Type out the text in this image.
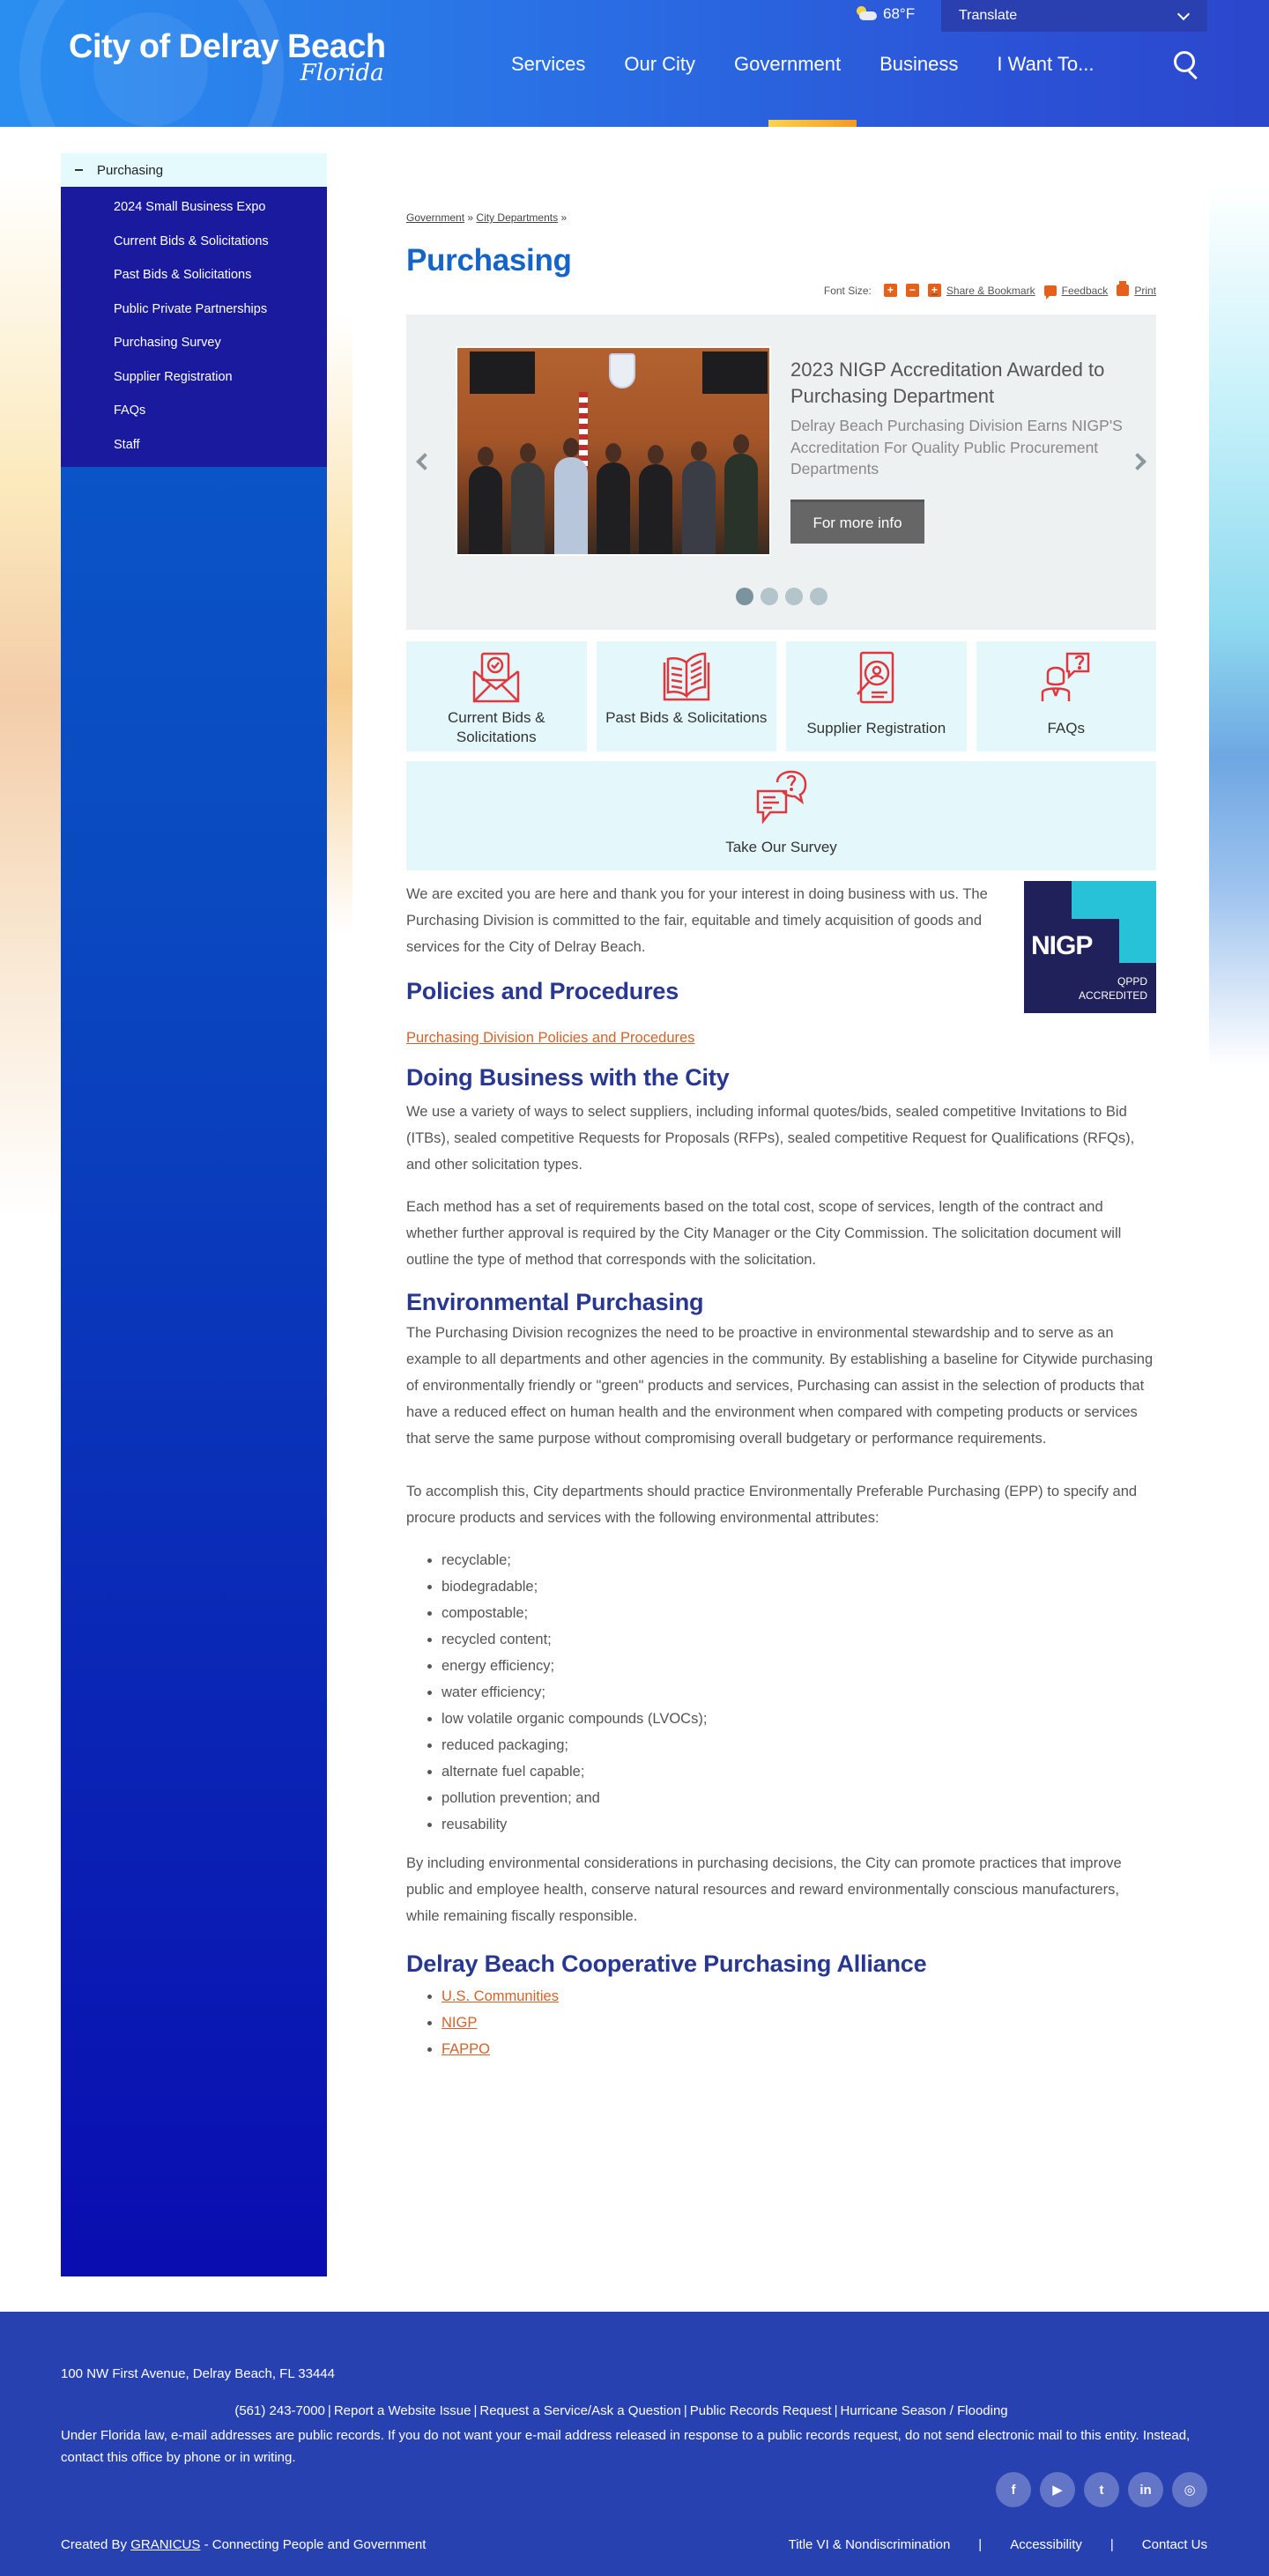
City of Delray Beach
Florida
68°F	Translate
Services	Our City	Government	Business	I Want To...
Purchasing
2024 Small Business Expo
Current Bids & Solicitations
Past Bids & Solicitations
Public Private Partnerships
Purchasing Survey
Supplier Registration
FAQs
Staff
Government » City Departments »
Purchasing
Font Size:	+	−	+ Share & Bookmark	Feedback	Print
2023 NIGP Accreditation Awarded to Purchasing Department
Delray Beach Purchasing Division Earns NIGP'S Accreditation For Quality Public Procurement Departments
For more info
Current Bids & Solicitations
Past Bids & Solicitations
Supplier Registration	FAQs
Take Our Survey

We are excited you are here and thank you for your interest in doing business with us. The Purchasing Division is committed to the fair, equitable and timely acquisition of goods and services for the City of Delray Beach.

Policies and Procedures
Purchasing Division Policies and Procedures
NIGP
QPPD
ACCREDITED
Doing Business with the City

We use a variety of ways to select suppliers, including informal quotes/bids, sealed competitive Invitations to Bid (ITBs), sealed competitive Requests for Proposals (RFPs), sealed competitive Request for Qualifications (RFQs), and other solicitation types.

Each method has a set of requirements based on the total cost, scope of services, length of the contract and whether further approval is required by the City Manager or the City Commission. The solicitation document will outline the type of method that corresponds with the solicitation.

Environmental Purchasing

The Purchasing Division recognizes the need to be proactive in environmental stewardship and to serve as an example to all departments and other agencies in the community. By establishing a baseline for Citywide purchasing of environmentally friendly or "green" products and services, Purchasing can assist in the selection of products that have a reduced effect on human health and the environment when compared with competing products or services that serve the same purpose without compromising overall budgetary or performance requirements.

To accomplish this, City departments should practice Environmentally Preferable Purchasing (EPP) to specify and procure products and services with the following environmental attributes:

• recyclable;
• biodegradable;
• compostable;
• recycled content;
• energy efficiency;
• water efficiency;
• low volatile organic compounds (LVOCs);
• reduced packaging;
• alternate fuel capable;
• pollution prevention; and
• reusability

By including environmental considerations in purchasing decisions, the City can promote practices that improve public and employee health, conserve natural resources and reward environmentally conscious manufacturers, while remaining fiscally responsible.

Delray Beach Cooperative Purchasing Alliance
• U.S. Communities
• NIGP
• FAPPO
100 NW First Avenue, Delray Beach, FL 33444
(561) 243-7000 | Report a Website Issue | Request a Service/Ask a Question | Public Records Request | Hurricane Season / Flooding
Under Florida law, e-mail addresses are public records. If you do not want your e-mail address released in response to a public records request, do not send electronic mail to this entity. Instead, contact this office by phone or in writing.
f	▶	t	in	◎
Created By GRANICUS - Connecting People and Government	Title VI & Nondiscrimination | Accessibility | Contact Us
